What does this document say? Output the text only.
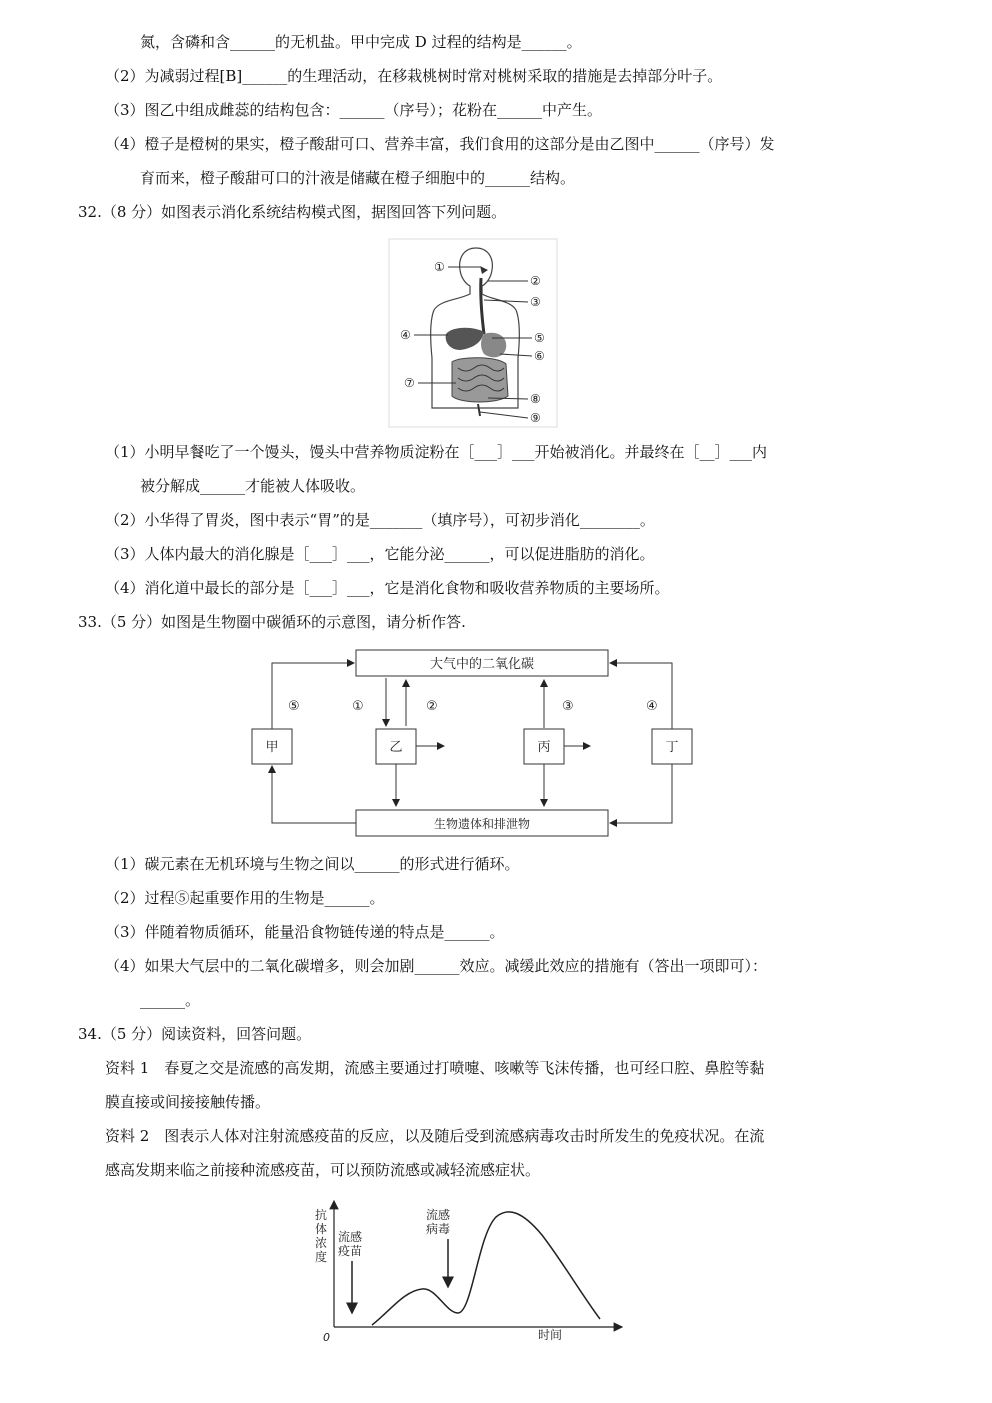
氮，含磷和含______的无机盐。甲中完成 D 过程的结构是______。
（2）为减弱过程[B]______的生理活动，在移栽桃树时常对桃树采取的措施是去掉部分叶子。
（3）图乙中组成雌蕊的结构包含：______（序号）；花粉在______中产生。
（4）橙子是橙树的果实，橙子酸甜可口、营养丰富，我们食用的这部分是由乙图中______（序号）发
育而来，橙子酸甜可口的汁液是储藏在橙子细胞中的______结构。
32.（8 分）如图表示消化系统结构模式图，据图回答下列问题。
①
②
③
④	⑤
⑥
⑦
⑧
⑨
（1）小明早餐吃了一个馒头，馒头中营养物质淀粉在［___］___开始被消化。并最终在［__］___内
被分解成______才能被人体吸收。
（2）小华得了胃炎，图中表示“胃”的是_______（填序号），可初步消化________。
（3）人体内最大的消化腺是［___］___，它能分泌______，可以促进脂肪的消化。
（4）消化道中最长的部分是［___］___，它是消化食物和吸收营养物质的主要场所。
33.（5 分）如图是生物圈中碳循环的示意图，请分析作答.
大气中的二氧化碳
生物遗体和排泄物
甲	乙	丙	丁
⑤	①	②	③	④
（1）碳元素在无机环境与生物之间以______的形式进行循环。
（2）过程⑤起重要作用的生物是______。
（3）伴随着物质循环，能量沿食物链传递的特点是______。
（4）如果大气层中的二氧化碳增多，则会加剧______效应。减缓此效应的措施有（答出一项即可）：
______。
34.（5 分）阅读资料，回答问题。
资料 1　春夏之交是流感的高发期，流感主要通过打喷嚏、咳嗽等飞沫传播，也可经口腔、鼻腔等黏
膜直接或间接接触传播。
资料 2　图表示人体对注射流感疫苗的反应，以及随后受到流感病毒攻击时所发生的免疫状况。在流
感高发期来临之前接种流感疫苗，可以预防流感或减轻流感症状。
0	时间
抗体浓度
流感疫苗
流感病毒
